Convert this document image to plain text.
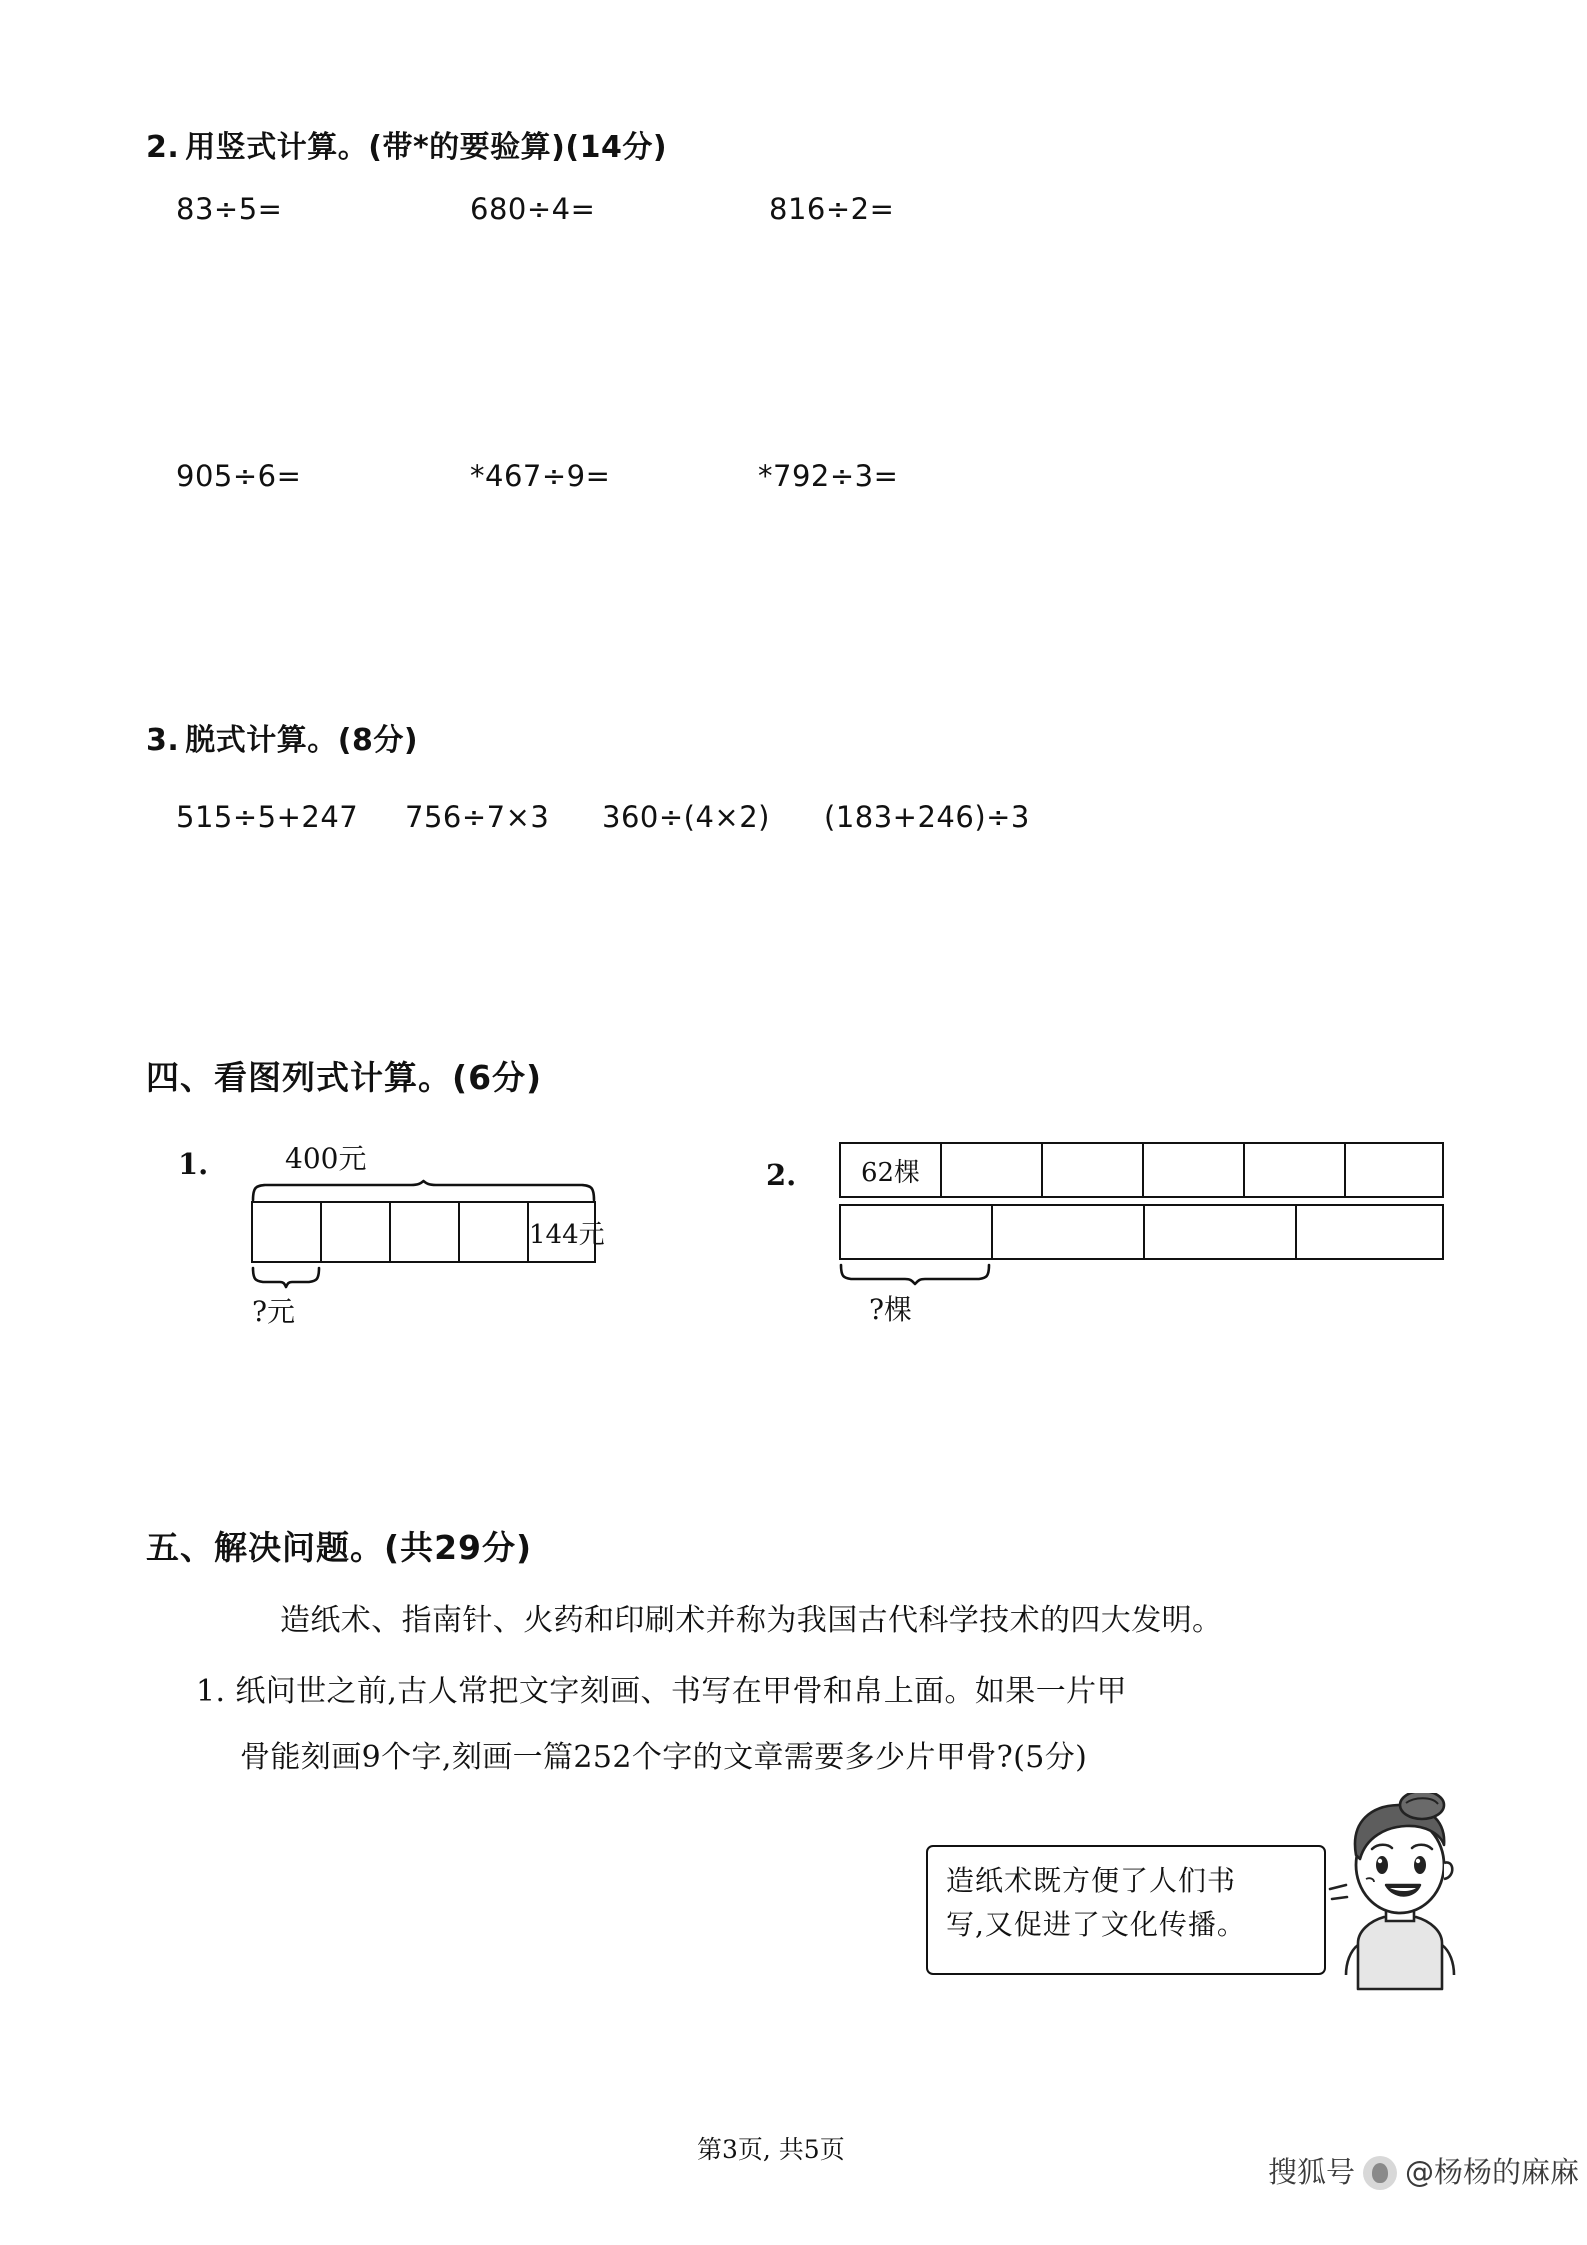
2. 用竖式计算。(带*的要验算)(14分)
83÷5=	680÷4=	816÷2=
905÷6=	*467÷9=	*792÷3=
3. 脱式计算。(8分)
515÷5+247 756÷7×3 360÷(4×2) (183+246)÷3
四、看图列式计算。(6分)
1.	400元
144元
?元
2.	62棵
?棵
五、解决问题。(共29分)
造纸术、指南针、火药和印刷术并称为我国古代科学技术的四大发明。
1. 纸问世之前,古人常把文字刻画、书写在甲骨和帛上面。如果一片甲
骨能刻画9个字,刻画一篇252个字的文章需要多少片甲骨?(5分)
造纸术既方便了人们书
写,又促进了文化传播。
第3页, 共5页
搜狐号 @杨杨的麻麻
